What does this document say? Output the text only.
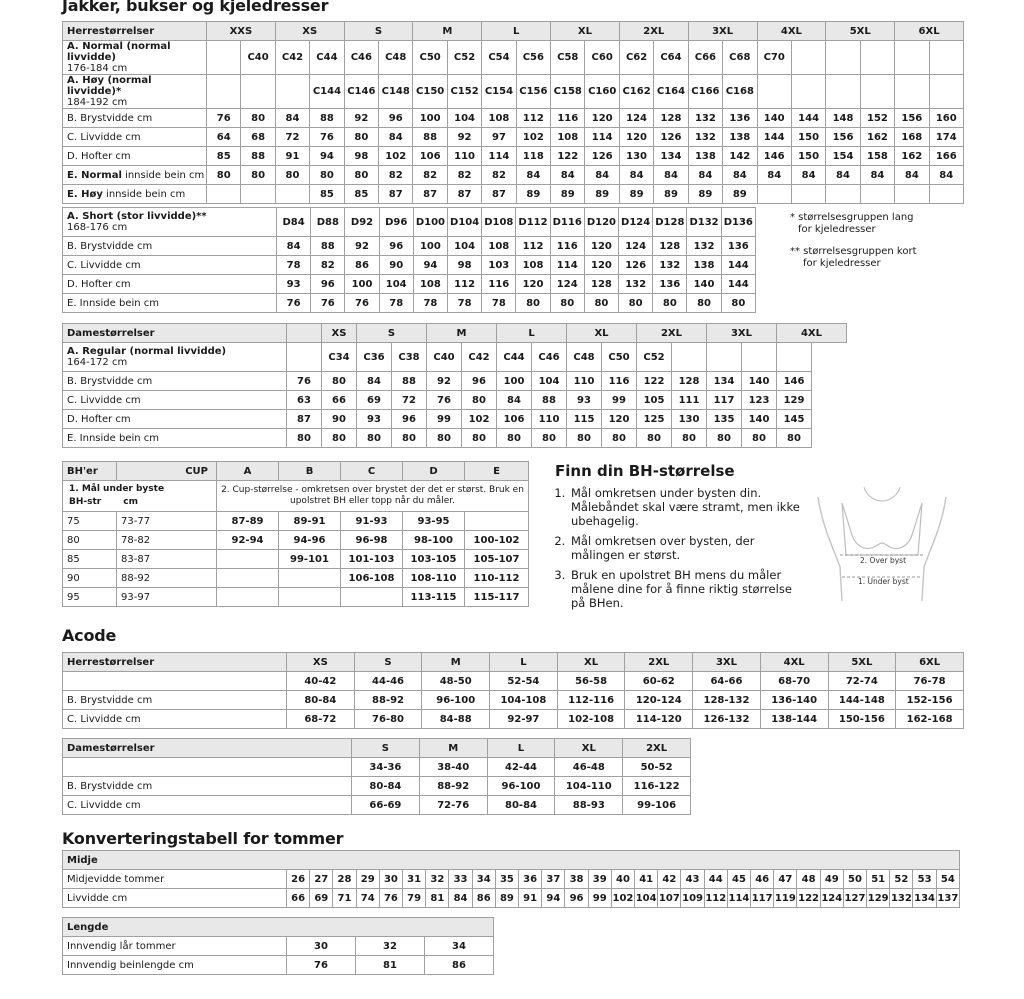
Jakker, bukser og kjeledresser
Acode
Konverteringstabell for tommer
Herrestørrelser	XXS		XS		S		M		L		XL		2XL		3XL		4XL		5XL		6XL	
A. Normal (normal livvidde)
176-184 cm		C40	C42	C44	C46	C48	C50	C52	C54	C56	C58	C60	C62	C64	C66	C68	C70					
A. Høy (normal livvidde)*
184-192 cm				C144	C146	C148	C150	C152	C154	C156	C158	C160	C162	C164	C166	C168						
B. Brystvidde cm	76	80	84	88	92	96	100	104	108	112	116	120	124	128	132	136	140	144	148	152	156	160
C. Livvidde cm	64	68	72	76	80	84	88	92	97	102	108	114	120	126	132	138	144	150	156	162	168	174
D. Hofter cm	85	88	91	94	98	102	106	110	114	118	122	126	130	134	138	142	146	150	154	158	162	166
E. Normal innside bein cm	80	80	80	80	80	82	82	82	82	84	84	84	84	84	84	84	84	84	84	84	84	84
E. Høy innside bein cm				85	85	87	87	87	87	89	89	89	89	89	89	89						
A. Short (stor livvidde)**
168-176 cm	D84	D88	D92	D96	D100	D104	D108	D112	D116	D120	D124	D128	D132	D136
B. Brystvidde cm	84	88	92	96	100	104	108	112	116	120	124	128	132	136
C. Livvidde cm	78	82	86	90	94	98	103	108	114	120	126	132	138	144
D. Hofter cm	93	96	100	104	108	112	116	120	124	128	132	136	140	144
E. Innside bein cm	76	76	76	78	78	78	78	80	80	80	80	80	80	80
* størrelsesgruppen lang
for kjeledresser
** størrelsesgruppen kort
for kjeledresser
Damestørrelser		XS	S		M		L		XL		2XL		3XL		4XL
A. Regular (normal livvidde)
164-172 cm		C34	C36	C38	C40	C42	C44	C46	C48	C50	C52				
B. Brystvidde cm	76	80	84	88	92	96	100	104	110	116	122	128	134	140	146
C. Livvidde cm	63	66	69	72	76	80	84	88	93	99	105	111	117	123	129
D. Hofter cm	87	90	93	96	99	102	106	110	115	120	125	130	135	140	145
E. Innside bein cm	80	80	80	80	80	80	80	80	80	80	80	80	80	80	80
BH'er	CUP	A	B	C	D	E

1. Mål under byste
BH-str cm		2. Cup-størrelse - omkretsen over brystet der det er størst. Bruk en upolstret BH eller topp når du måler.				
75	73-77	87-89	89-91	91-93	93-95	
80	78-82	92-94	94-96	96-98	98-100	100-102
85	83-87		99-101	101-103	103-105	105-107
90	88-92			106-108	108-110	110-112
95	93-97				113-115	115-117
Finn din BH-størrelse
1. Mål omkretsen under bysten din. Målebåndet skal være stramt, men ikke ubehagelig.
2. Mål omkretsen over bysten, der målingen er størst.
3. Bruk en upolstret BH mens du måler målene dine for å finne riktig størrelse på BHen.
2. Over byst
1. Under byst
Herrestørrelser	XS	S	M	L	XL	2XL	3XL	4XL	5XL	6XL
	40-42	44-46	48-50	52-54	56-58	60-62	64-66	68-70	72-74	76-78
B. Brystvidde cm	80-84	88-92	96-100	104-108	112-116	120-124	128-132	136-140	144-148	152-156
C. Livvidde cm	68-72	76-80	84-88	92-97	102-108	114-120	126-132	138-144	150-156	162-168
Damestørrelser	S	M	L	XL	2XL
	34-36	38-40	42-44	46-48	50-52
B. Brystvidde cm	80-84	88-92	96-100	104-110	116-122
C. Livvidde cm	66-69	72-76	80-84	88-93	99-106
Midje																													
Midjevidde tommer	26	27	28	29	30	31	32	33	34	35	36	37	38	39	40	41	42	43	44	45	46	47	48	49	50	51	52	53	54
Livvidde cm	66	69	71	74	76	79	81	84	86	89	91	94	96	99	102	104	107	109	112	114	117	119	122	124	127	129	132	134	137
Lengde			
Innvendig lår tommer	30	32	34
Innvendig beinlengde cm	76	81	86
